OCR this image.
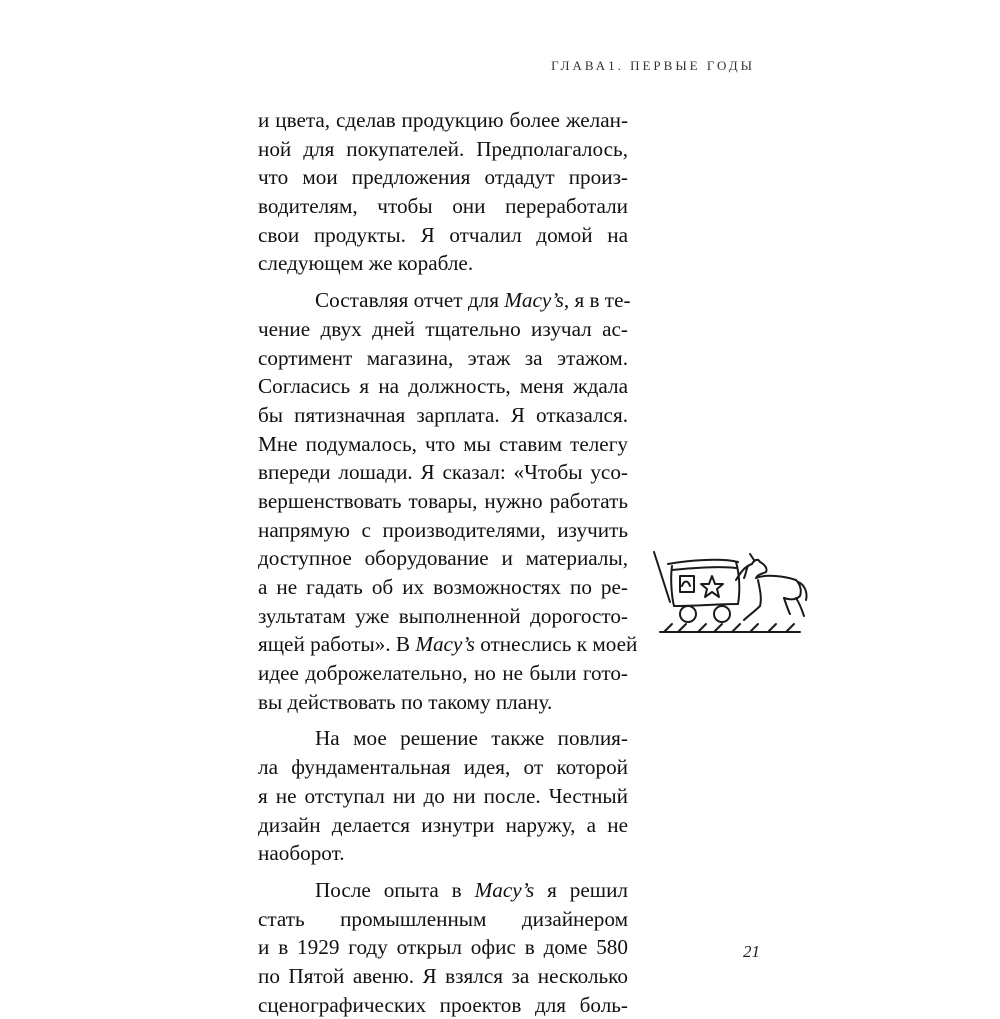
ГЛАВА1. ПЕРВЫЕ ГОДЫ
и цвета, сделав продукцию более желан-
ной для покупателей. Предполагалось,
что мои предложения отдадут произ-
водителям, чтобы они переработали
свои продукты. Я отчалил домой на
следующем же корабле.
Составляя отчет для Macy’s, я в те-
чение двух дней тщательно изучал ас-
сортимент магазина, этаж за этажом.
Согласись я на должность, меня ждала
бы пятизначная зарплата. Я отказался.
Мне подумалось, что мы ставим телегу
впереди лошади. Я сказал: «Чтобы усо-
вершенствовать товары, нужно работать
напрямую с производителями, изучить
доступное оборудование и материалы,
а не гадать об их возможностях по ре-
зультатам уже выполненной дорогосто-
ящей работы». В Macy’s отнеслись к моей
идее доброжелательно, но не были гото-
вы действовать по такому плану.
На мое решение также повлия-
ла фундаментальная идея, от которой
я не отступал ни до ни после. Честный
дизайн делается изнутри наружу, а не
наоборот.
После опыта в Macy’s я решил
стать промышленным дизайнером
и в 1929 году открыл офис в доме 580
по Пятой авеню. Я взялся за несколько
сценографических проектов для боль-
21
